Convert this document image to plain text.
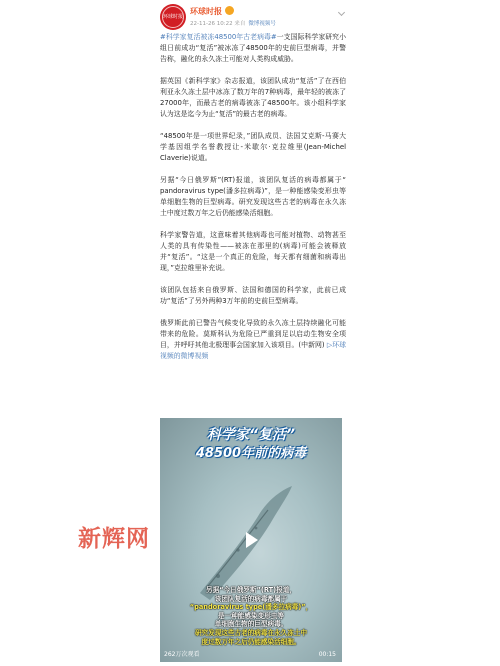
环球时报
环球时报
22-11-26 10:22 来自 微博视频号

#科学家复活被冻48500年古老病毒#一支国际科学家研究小组日前成功“复活”被冰冻了48500年的史前巨型病毒，并警告称，融化的永久冻土可能对人类构成威胁。

据英国《新科学家》杂志报道，该团队成功“复活”了在西伯利亚永久冻土层中冰冻了数万年的7种病毒，最年轻的被冻了27000年，而最古老的病毒被冻了48500年。该小组科学家认为这是迄今为止“复活”的最古老的病毒。

“48500年是一项世界纪录，”团队成员、法国艾克斯-马赛大学基因组学名誉教授让-米歇尔·克拉维里(Jean-Michel Claverie)说道。

另据“今日俄罗斯”(RT)报道，该团队复活的病毒都属于“ pandoravirus type(潘多拉病毒)”，是一种能感染变形虫等单细胞生物的巨型病毒。研究发现这些古老的病毒在永久冻土中度过数万年之后仍能感染活细胞。

科学家警告道，这意味着其他病毒也可能对植物、动物甚至人类的具有传染性——被冻在那里的(病毒)可能会被释放并“复活”。“这是一个真正的危险，每天都有细菌和病毒出现，”克拉维里补充说。

该团队包括来自俄罗斯、法国和德国的科学家，此前已成功“复活”了另外两种3万年前的史前巨型病毒。

俄罗斯此前已警告气候变化导致的永久冻土层持续融化可能带来的危险。莫斯科认为危险已严重到足以启动生物安全项目，并呼吁其他北极理事会国家加入该项目。(中新网) ▷环球视频的微博视频

科学家“复活”
48500年前的病毒
另据“今日俄罗斯”(RT)报道，
该团队复活的病毒都属于
“pandoravirus type(潘多拉病毒)”，
是一种能感染变形虫等
单细胞生物的巨型病毒。
研究发现这些古老的病毒在永久冻土中
度过数万年之后仍能感染活细胞。
262万次观看	00:15
新辉网
